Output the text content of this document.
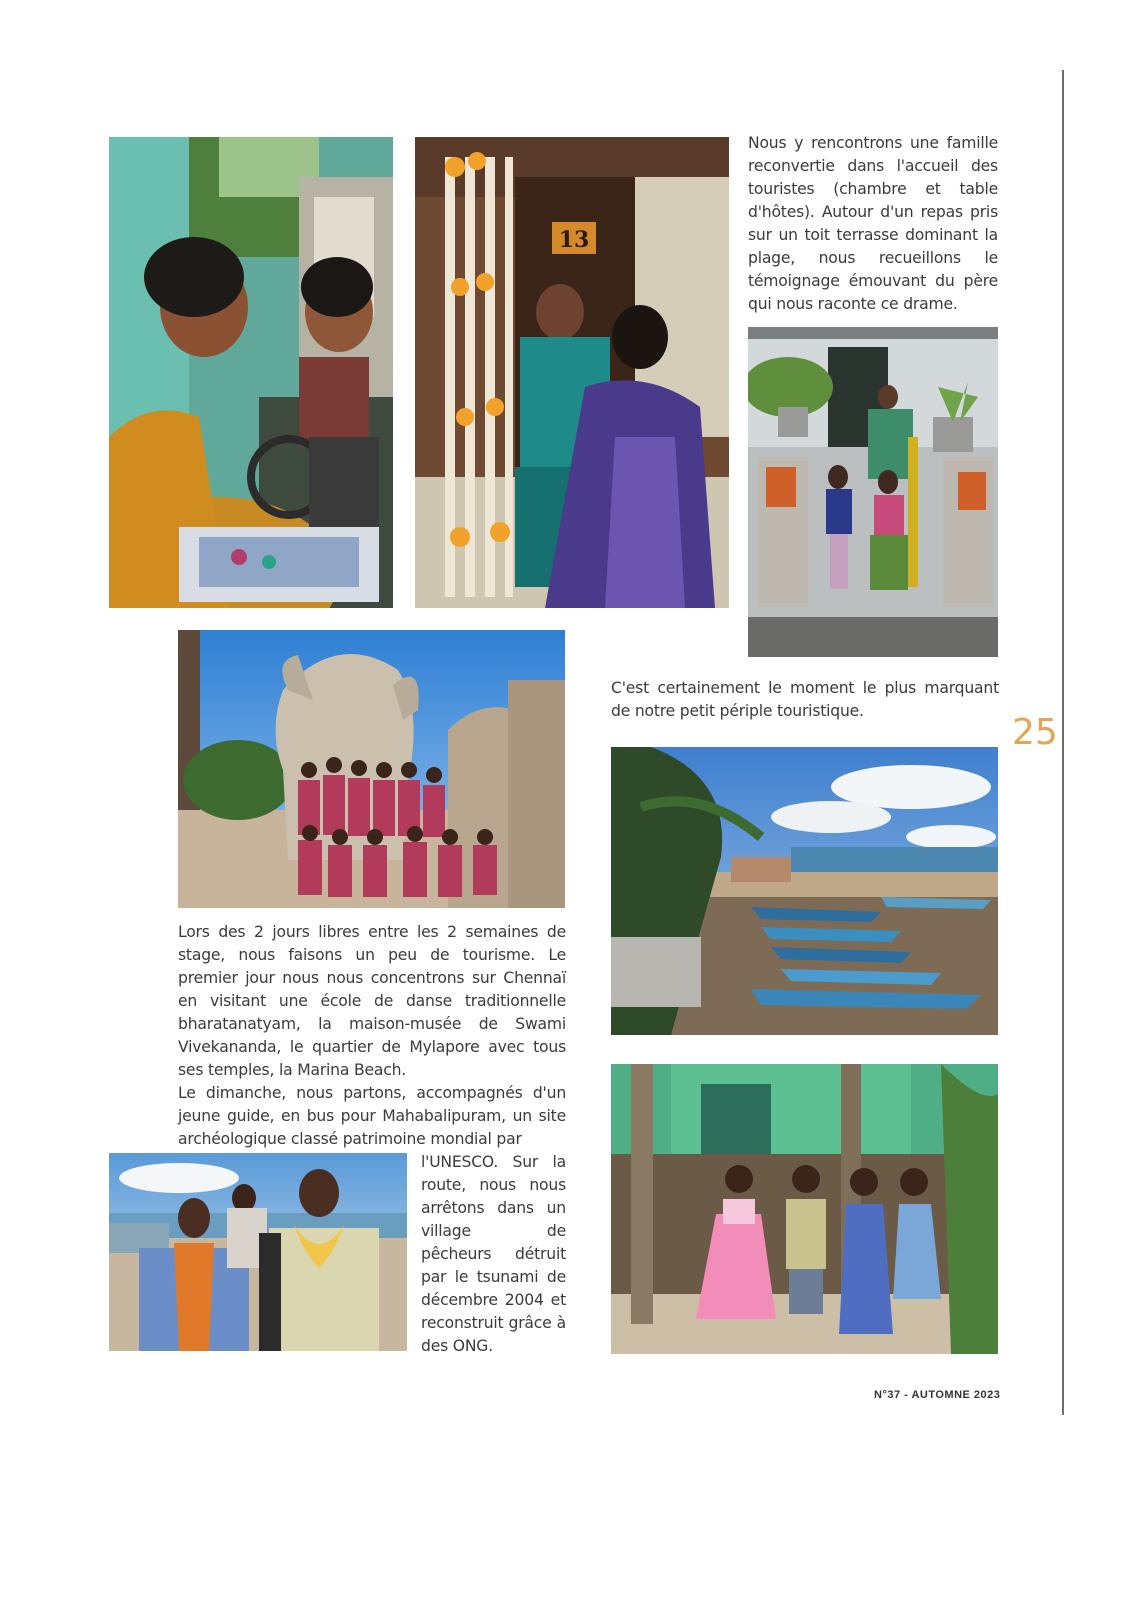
13

Nous y rencontrons une famille reconvertie dans l'accueil des touristes (chambre et table d'hôtes). Autour d'un repas pris sur un toit terrasse dominant la plage, nous recueillons le témoignage émouvant du père qui nous raconte ce drame.

C'est certainement le moment le plus marquant de notre petit périple touristique.

25

Lors des 2 jours libres entre les 2 semaines de stage, nous faisons un peu de tourisme. Le premier jour nous nous concentrons sur Chennaï en visitant une école de danse traditionnelle bharatanatyam, la maison-musée de Swami Vivekananda, le quartier de Mylapore avec tous ses temples, la Marina Beach.

Le dimanche, nous partons, accompagnés d'un jeune guide, en bus pour Mahabalipuram, un site archéologique classé patrimoine mondial par

l'UNESCO. Sur la route, nous nous arrêtons dans un village de pêcheurs détruit par le tsunami de décembre 2004 et reconstruit grâce à des ONG.

N°37 - AUTOMNE 2023
